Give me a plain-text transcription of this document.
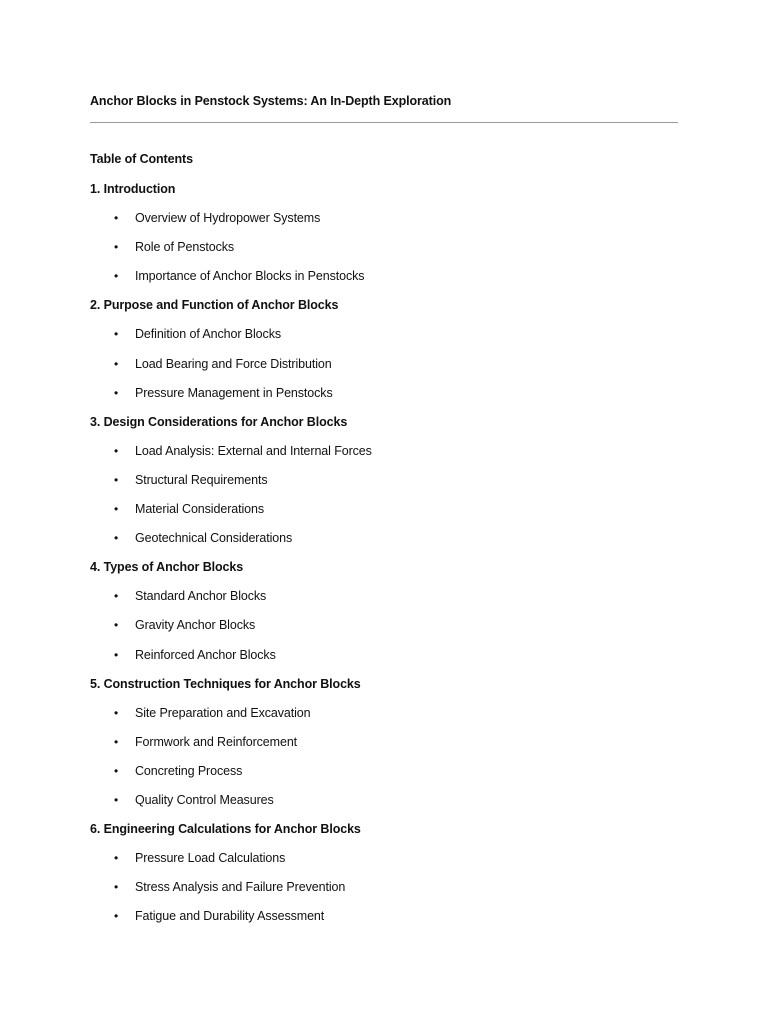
Anchor Blocks in Penstock Systems: An In-Depth Exploration
Table of Contents
1. Introduction
• Overview of Hydropower Systems
• Role of Penstocks
• Importance of Anchor Blocks in Penstocks
2. Purpose and Function of Anchor Blocks
• Definition of Anchor Blocks
• Load Bearing and Force Distribution
• Pressure Management in Penstocks
3. Design Considerations for Anchor Blocks
• Load Analysis: External and Internal Forces
• Structural Requirements
• Material Considerations
• Geotechnical Considerations
4. Types of Anchor Blocks
• Standard Anchor Blocks
• Gravity Anchor Blocks
• Reinforced Anchor Blocks
5. Construction Techniques for Anchor Blocks
• Site Preparation and Excavation
• Formwork and Reinforcement
• Concreting Process
• Quality Control Measures
6. Engineering Calculations for Anchor Blocks
• Pressure Load Calculations
• Stress Analysis and Failure Prevention
• Fatigue and Durability Assessment
